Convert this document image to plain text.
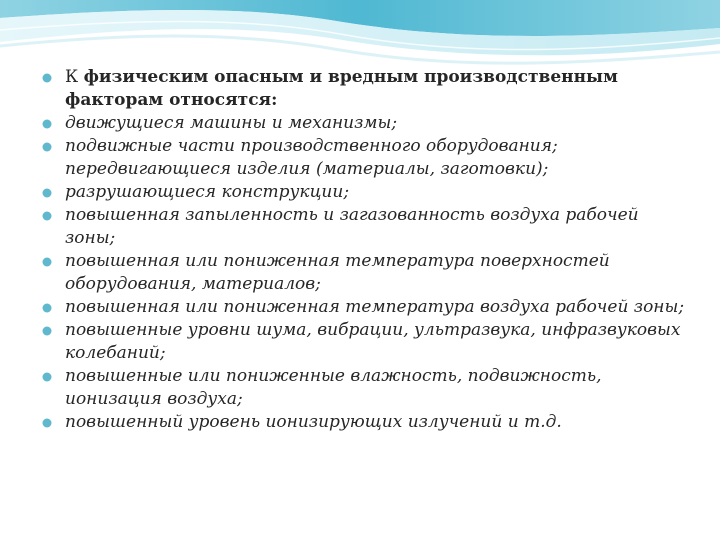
К физическим опасным и вредным производственным факторам относятся:
движущиеся машины и механизмы;
подвижные части производственного оборудования; передвигающиеся изделия (материалы, заготовки);
разрушающиеся конструкции;
повышенная запыленность и загазованность воздуха рабочей зоны;
повышенная или пониженная температура поверхностей оборудования, материалов;
повышенная или пониженная температура воздуха рабочей зоны;
повышенные уровни шума, вибрации, ультразвука, инфразвуковых колебаний;
повышенные или пониженные влажность, подвижность, ионизация воздуха;
повышенный уровень ионизирующих излучений и т.д.
